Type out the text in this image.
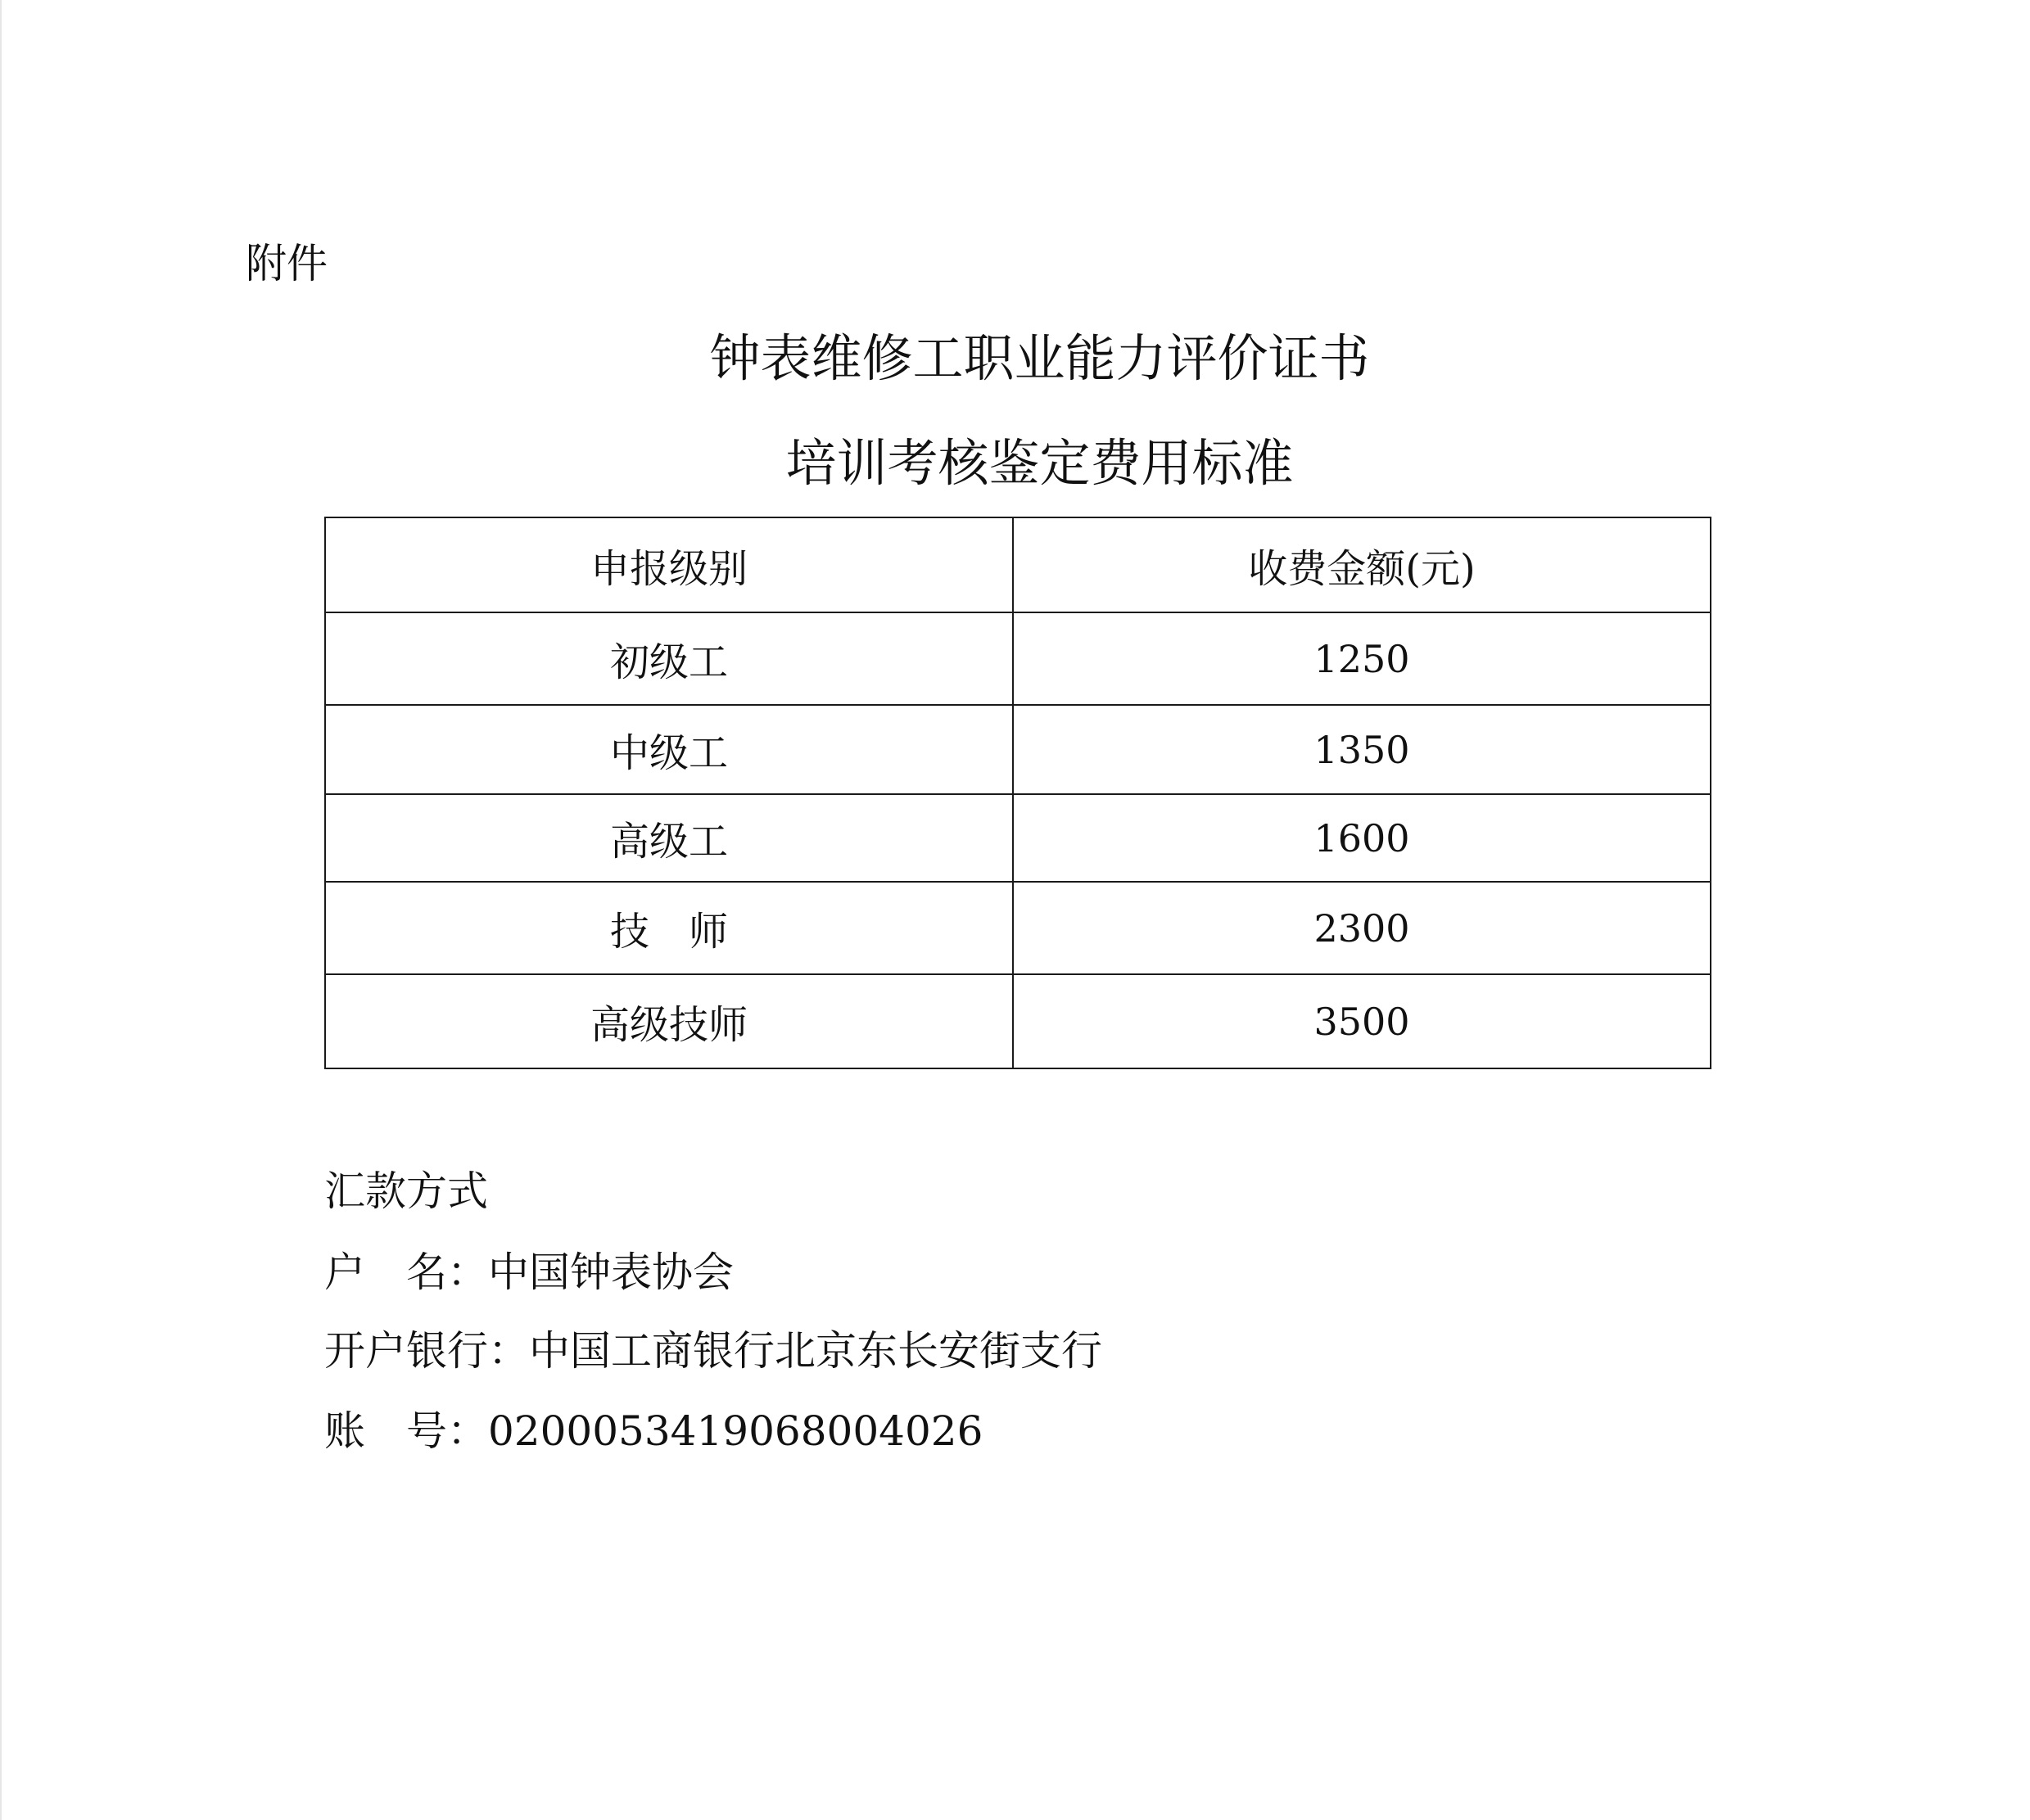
附件
钟表维修工职业能力评价证书
培训考核鉴定费用标准
申报级别	收费金额(元)
初级工	1250
中级工	1350
高级工	1600
技　师	2300
高级技师	3500
汇款方式
户　名：中国钟表协会
开户银行：中国工商银行北京东长安街支行
账　号：0200053419068004026
